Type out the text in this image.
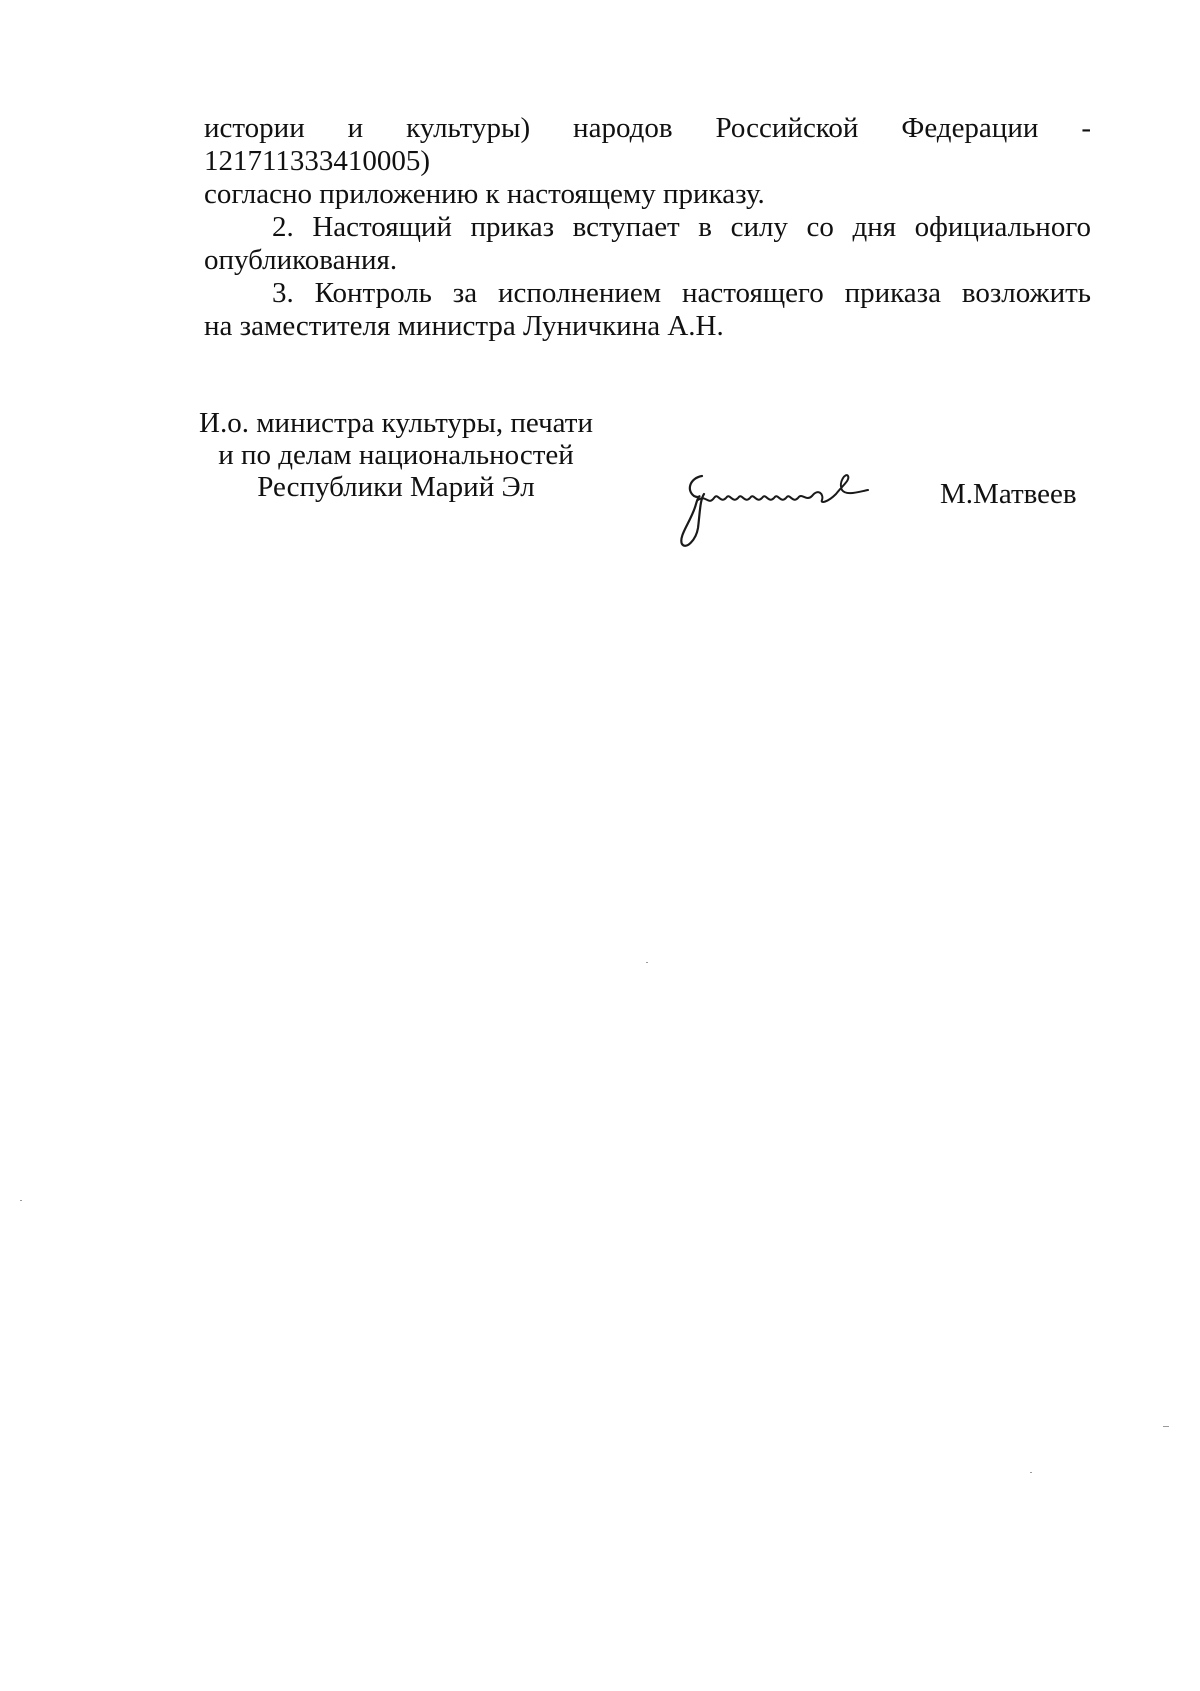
истории и культуры) народов Российской Федерации - 121711333410005)
согласно приложению к настоящему приказу.

2. Настоящий приказ вступает в силу со дня официального
опубликования.

3. Контроль за исполнением настоящего приказа возложить
на заместителя министра Луничкина А.Н.

И.о. министра культуры, печати
и по делам национальностей
Республики Марий Эл	М.Матвеев
